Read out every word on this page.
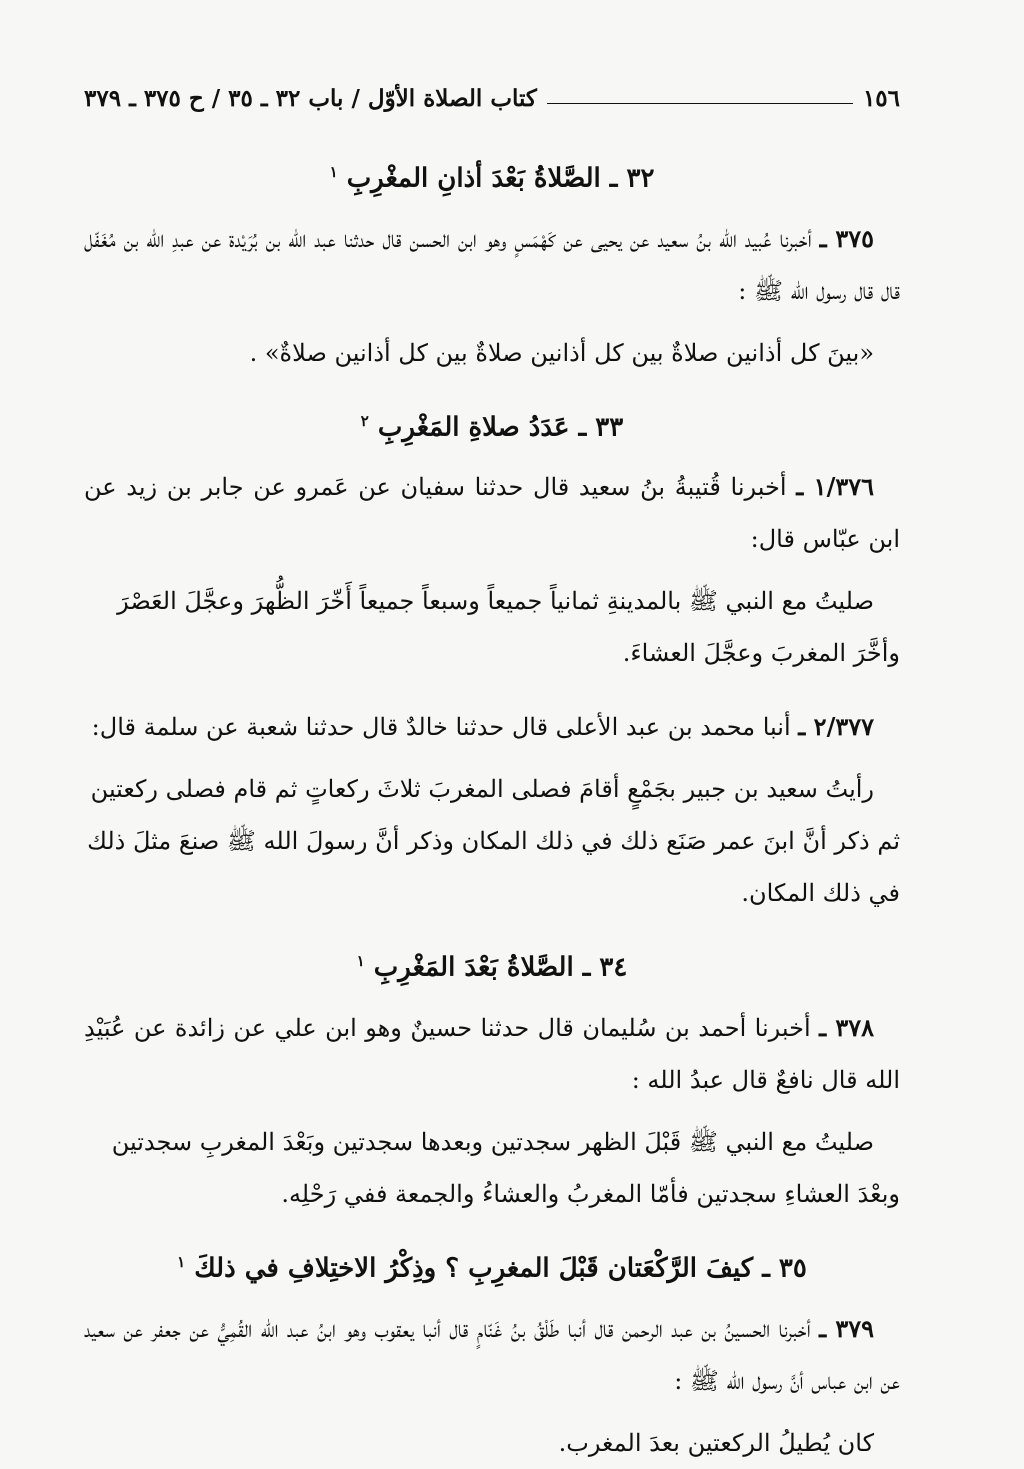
١٥٦
كتاب الصلاة الأوّل / باب ٣٢ ـ ٣٥ / ح ٣٧٥ ـ ٣٧٩
٣٢ ـ الصَّلاةُ بَعْدَ أذانِ المغْرِبِ $^١$

٣٧٥ ـ أخبرنا عُبيد الله بنُ سعيد عن يحيى عن كَهْمَسٍ وهو ابن الحسن قال حدثنا عبد الله بن بُرَيْدة عن عبدِ الله بن مُغَفّل قال قال رسول الله ﷺ :

«بينَ كل أذانين صلاةٌ بين كل أذانين صلاةٌ بين كل أذانين صلاةٌ» .

٣٣ ـ عَدَدُ صلاةِ المَغْرِبِ $^٢$

١/٣٧٦ ـ أخبرنا قُتيبةُ بنُ سعيد قال حدثنا سفيان عن عَمرو عن جابر بن زيد عن ابن عبّاس قال:

صليتُ مع النبي ﷺ بالمدينةِ ثمانياً جميعاً وسبعاً جميعاً أَخّرَ الظُّهرَ وعجَّلَ العَصْرَ وأخَّرَ المغربَ وعجَّلَ العشاءَ.

٢/٣٧٧ ـ أنبا محمد بن عبد الأعلى قال حدثنا خالدٌ قال حدثنا شعبة عن سلمة قال:

رأيتُ سعيد بن جبير بجَمْعٍ أقامَ فصلى المغربَ ثلاثَ ركعاتٍ ثم قام فصلى ركعتين ثم ذكر أنَّ ابنَ عمر صَنَع ذلك في ذلك المكان وذكر أنَّ رسولَ الله ﷺ صنعَ مثلَ ذلك في ذلك المكان.

٣٤ ـ الصَّلاةُ بَعْدَ المَغْرِبِ $^١$

٣٧٨ ـ أخبرنا أحمد بن سُليمان قال حدثنا حسينٌ وهو ابن علي عن زائدة عن عُبَيْدِ الله قال نافعٌ قال عبدُ الله :

صليتُ مع النبي ﷺ قَبْلَ الظهر سجدتين وبعدها سجدتين وبَعْدَ المغربِ سجدتين وبعْدَ العشاءِ سجدتين فأمّا المغربُ والعشاءُ والجمعة ففي رَحْلِه.

٣٥ ـ كيفَ الرَّكْعَتان قَبْلَ المغرِبِ ؟ وذِكْرُ الاختِلافِ في ذلكَ $^١$

٣٧٩ ـ أخبرنا الحسينُ بن عبد الرحمن قال أنبا طَلْقُ بنُ غَنّامٍ قال أنبا يعقوب وهو ابنُ عبد الله القُمِيُّ عن جعفر عن سعيد عن ابن عباس أنَّ رسول الله ﷺ :

كان يُطيلُ الركعتين بعدَ المغرب.
